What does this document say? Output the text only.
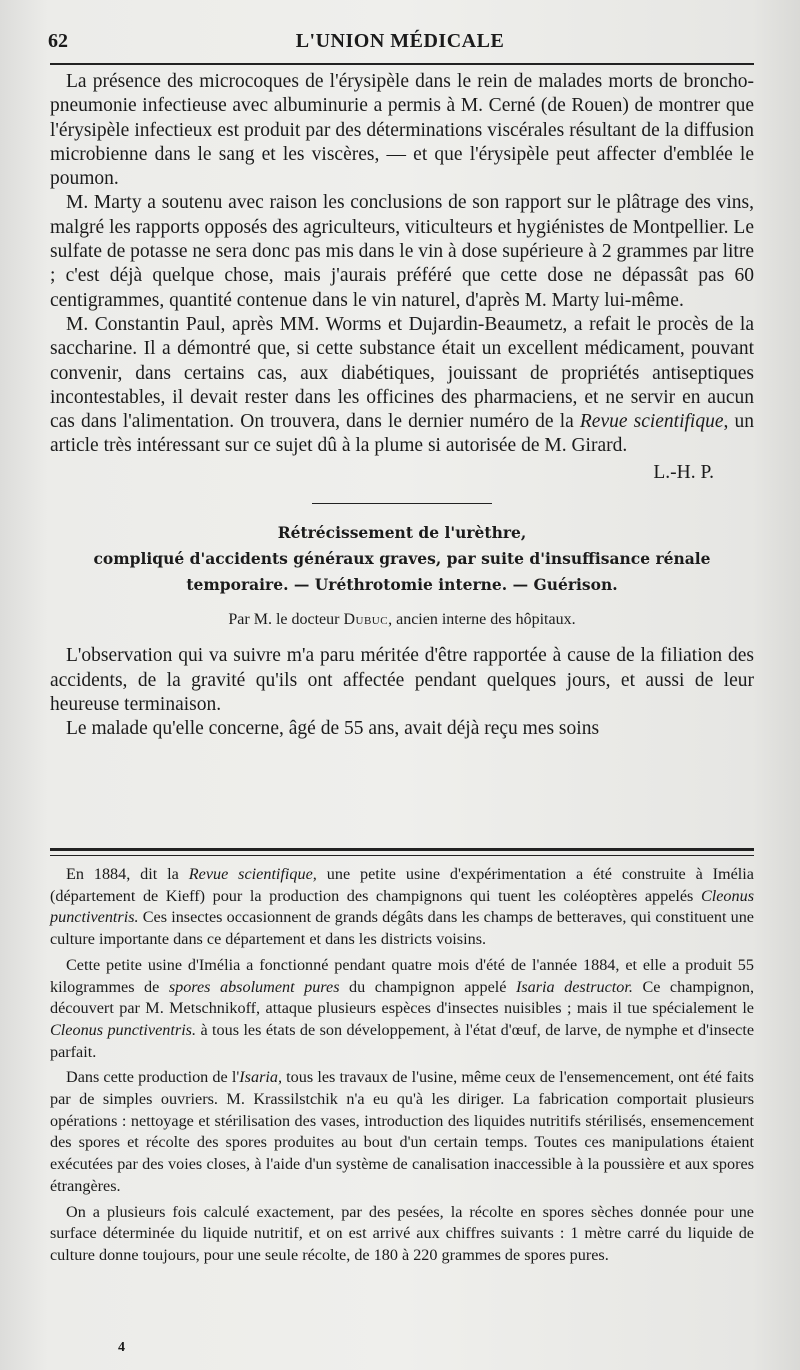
62	L'UNION MÉDICALE

La présence des microcoques de l'érysipèle dans le rein de malades morts de broncho-pneumonie infectieuse avec albuminurie a permis à M. Cerné (de Rouen) de montrer que l'érysipèle infectieux est produit par des déterminations viscérales résultant de la diffusion microbienne dans le sang et les viscères, — et que l'érysipèle peut affecter d'emblée le poumon.

M. Marty a soutenu avec raison les conclusions de son rapport sur le plâtrage des vins, malgré les rapports opposés des agriculteurs, viticulteurs et hygiénistes de Montpellier. Le sulfate de potasse ne sera donc pas mis dans le vin à dose supérieure à 2 grammes par litre ; c'est déjà quelque chose, mais j'aurais préféré que cette dose ne dépassât pas 60 centigrammes, quantité contenue dans le vin naturel, d'après M. Marty lui-même.

M. Constantin Paul, après MM. Worms et Dujardin-Beaumetz, a refait le procès de la saccharine. Il a démontré que, si cette substance était un excellent médicament, pouvant convenir, dans certains cas, aux diabétiques, jouissant de propriétés antiseptiques incontestables, il devait rester dans les officines des pharmaciens, et ne servir en aucun cas dans l'alimentation. On trouvera, dans le dernier numéro de la Revue scientifique, un article très intéressant sur ce sujet dû à la plume si autorisée de M. Girard.

L.-H. P.

Rétrécissement de l'urèthre,

compliqué d'accidents généraux graves, par suite d'insuffisance rénale

temporaire. — Uréthrotomie interne. — Guérison.

Par M. le docteur Dubuc, ancien interne des hôpitaux.

L'observation qui va suivre m'a paru méritée d'être rapportée à cause de la filiation des accidents, de la gravité qu'ils ont affectée pendant quelques jours, et aussi de leur heureuse terminaison.

Le malade qu'elle concerne, âgé de 55 ans, avait déjà reçu mes soins

En 1884, dit la Revue scientifique, une petite usine d'expérimentation a été construite à Imélia (département de Kieff) pour la production des champignons qui tuent les coléoptères appelés Cleonus punctiventris. Ces insectes occasionnent de grands dégâts dans les champs de betteraves, qui constituent une culture importante dans ce département et dans les districts voisins.

Cette petite usine d'Imélia a fonctionné pendant quatre mois d'été de l'année 1884, et elle a produit 55 kilogrammes de spores absolument pures du champignon appelé Isaria destructor. Ce champignon, découvert par M. Metschnikoff, attaque plusieurs espèces d'insectes nuisibles ; mais il tue spécialement le Cleonus punctiventris. à tous les états de son développement, à l'état d'œuf, de larve, de nymphe et d'insecte parfait.

Dans cette production de l'Isaria, tous les travaux de l'usine, même ceux de l'ensemencement, ont été faits par de simples ouvriers. M. Krassilstchik n'a eu qu'à les diriger. La fabrication comportait plusieurs opérations : nettoyage et stérilisation des vases, introduction des liquides nutritifs stérilisés, ensemencement des spores et récolte des spores produites au bout d'un certain temps. Toutes ces manipulations étaient exécutées par des voies closes, à l'aide d'un système de canalisation inaccessible à la poussière et aux spores étrangères.

On a plusieurs fois calculé exactement, par des pesées, la récolte en spores sèches donnée pour une surface déterminée du liquide nutritif, et on est arrivé aux chiffres suivants : 1 mètre carré du liquide de culture donne toujours, pour une seule récolte, de 180 à 220 grammes de spores pures.

4
